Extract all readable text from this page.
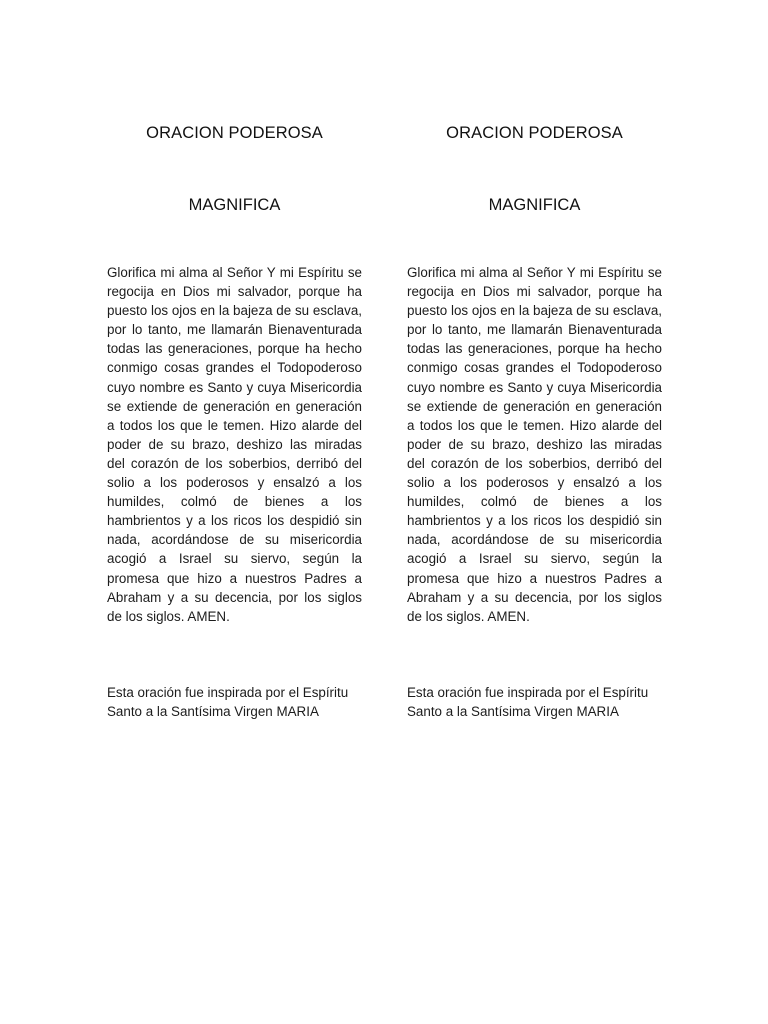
ORACION PODEROSA
MAGNIFICA

Glorifica mi alma al Señor Y mi Espíritu se regocija en Dios mi salvador, porque ha puesto los ojos en la bajeza de su esclava, por lo tanto, me llamarán Bienaventurada todas las generaciones, porque ha hecho conmigo cosas grandes el Todopoderoso cuyo nombre es Santo y cuya Misericordia se extiende de generación en generación a todos los que le temen. Hizo alarde del poder de su brazo, deshizo las miradas del corazón de los soberbios, derribó del solio a los poderosos y ensalzó a los humildes, colmó de bienes a los hambrientos y a los ricos los despidió sin nada, acordándose de su misericordia acogió a Israel su siervo, según la promesa que hizo a nuestros Padres a Abraham y a su decencia, por los siglos de los siglos. AMEN.

Esta oración fue inspirada por el Espíritu Santo a la Santísima Virgen MARIA

ORACION PODEROSA
MAGNIFICA

Glorifica mi alma al Señor Y mi Espíritu se regocija en Dios mi salvador, porque ha puesto los ojos en la bajeza de su esclava, por lo tanto, me llamarán Bienaventurada todas las generaciones, porque ha hecho conmigo cosas grandes el Todopoderoso cuyo nombre es Santo y cuya Misericordia se extiende de generación en generación a todos los que le temen. Hizo alarde del poder de su brazo, deshizo las miradas del corazón de los soberbios, derribó del solio a los poderosos y ensalzó a los humildes, colmó de bienes a los hambrientos y a los ricos los despidió sin nada, acordándose de su misericordia acogió a Israel su siervo, según la promesa que hizo a nuestros Padres a Abraham y a su decencia, por los siglos de los siglos. AMEN.

Esta oración fue inspirada por el Espíritu Santo a la Santísima Virgen MARIA
